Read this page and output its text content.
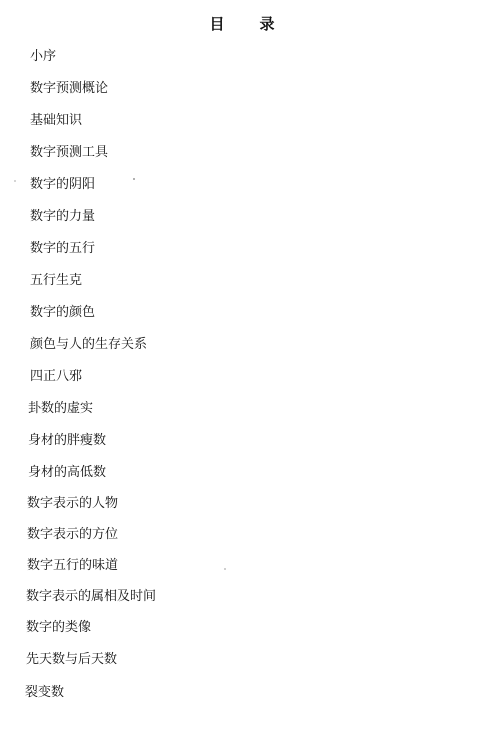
目　录
小序
数字预测概论
基础知识
数字预测工具
数字的阴阳
数字的力量
数字的五行
五行生克
数字的颜色
颜色与人的生存关系
四正八邪
卦数的虚实
身材的胖瘦数
身材的高低数
数字表示的人物
数字表示的方位
数字五行的味道
数字表示的属相及时间
数字的类像
先天数与后天数
裂变数
